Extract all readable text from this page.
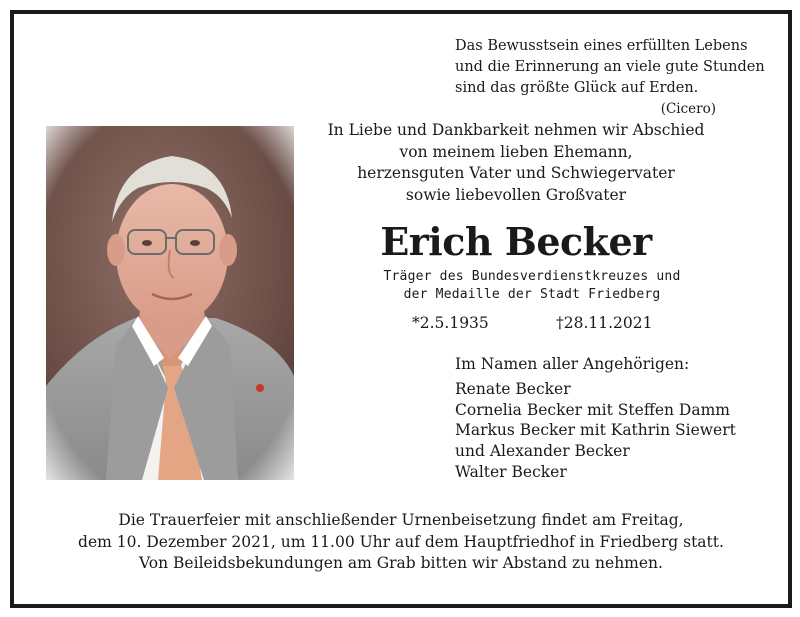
Das Bewusstsein eines erfüllten Lebens
und die Erinnerung an viele gute Stunden
sind das größte Glück auf Erden.
(Cicero)
In Liebe und Dankbarkeit nehmen wir Abschied
von meinem lieben Ehemann,
herzensguten Vater und Schwiegervater
sowie liebevollen Großvater
Erich Becker
Träger des Bundesverdienstkreuzes und
der Medaille der Stadt Friedberg
*2.5.1935	†28.11.2021
Im Namen aller Angehörigen:
Renate Becker
Cornelia Becker mit Steffen Damm
Markus Becker mit Kathrin Siewert
und Alexander Becker
Walter Becker
Die Trauerfeier mit anschließender Urnenbeisetzung findet am Freitag,
dem 10. Dezember 2021, um 11.00 Uhr auf dem Hauptfriedhof in Friedberg statt.
Von Beileidsbekundungen am Grab bitten wir Abstand zu nehmen.
